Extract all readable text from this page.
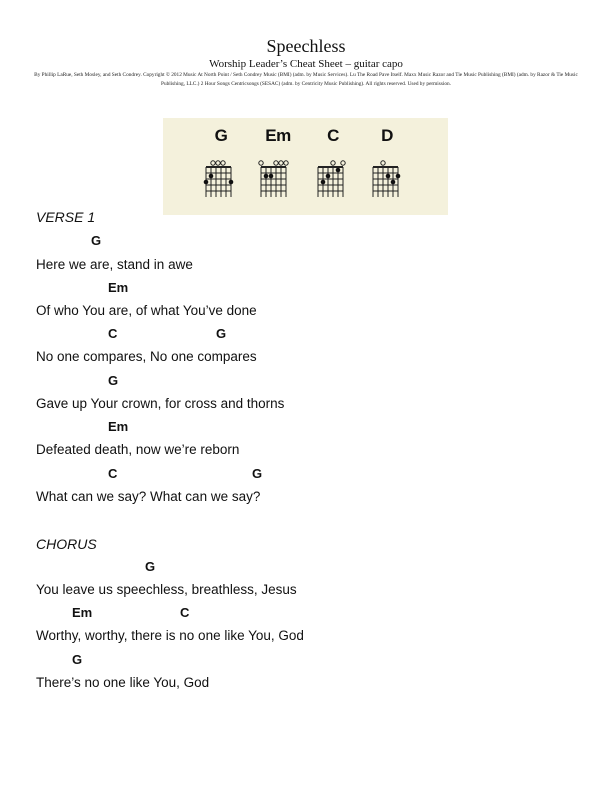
Speechless
Worship Leader’s Cheat Sheet – guitar capo
By Phillip LaRue, Seth Mosley, and Seth Condrey. Copyright © 2012 Music At North Point / Seth Condrey Music (BMI) (adm. by Music Services). Lu The Road Pave Itself. Maxx Music Razor and Tie Music Publishing (BMI) (adm. by Razor & Tie Music Publishing, LLC.) 2 Hour Songs Centricsongs (SESAC) (adm. by Centricity Music Publishing). All rights reserved. Used by permission.
G	Em	C	D
VERSE 1
G
Here we are, stand in awe
Em
Of who You are, of what You’ve done
C	G
No one compares, No one compares
G
Gave up Your crown, for cross and thorns
Em
Defeated death, now we’re reborn
C	G
What can we say? What can we say?
CHORUS
G
You leave us speechless, breathless, Jesus
Em	C
Worthy, worthy, there is no one like You, God
G
There’s no one like You, God
